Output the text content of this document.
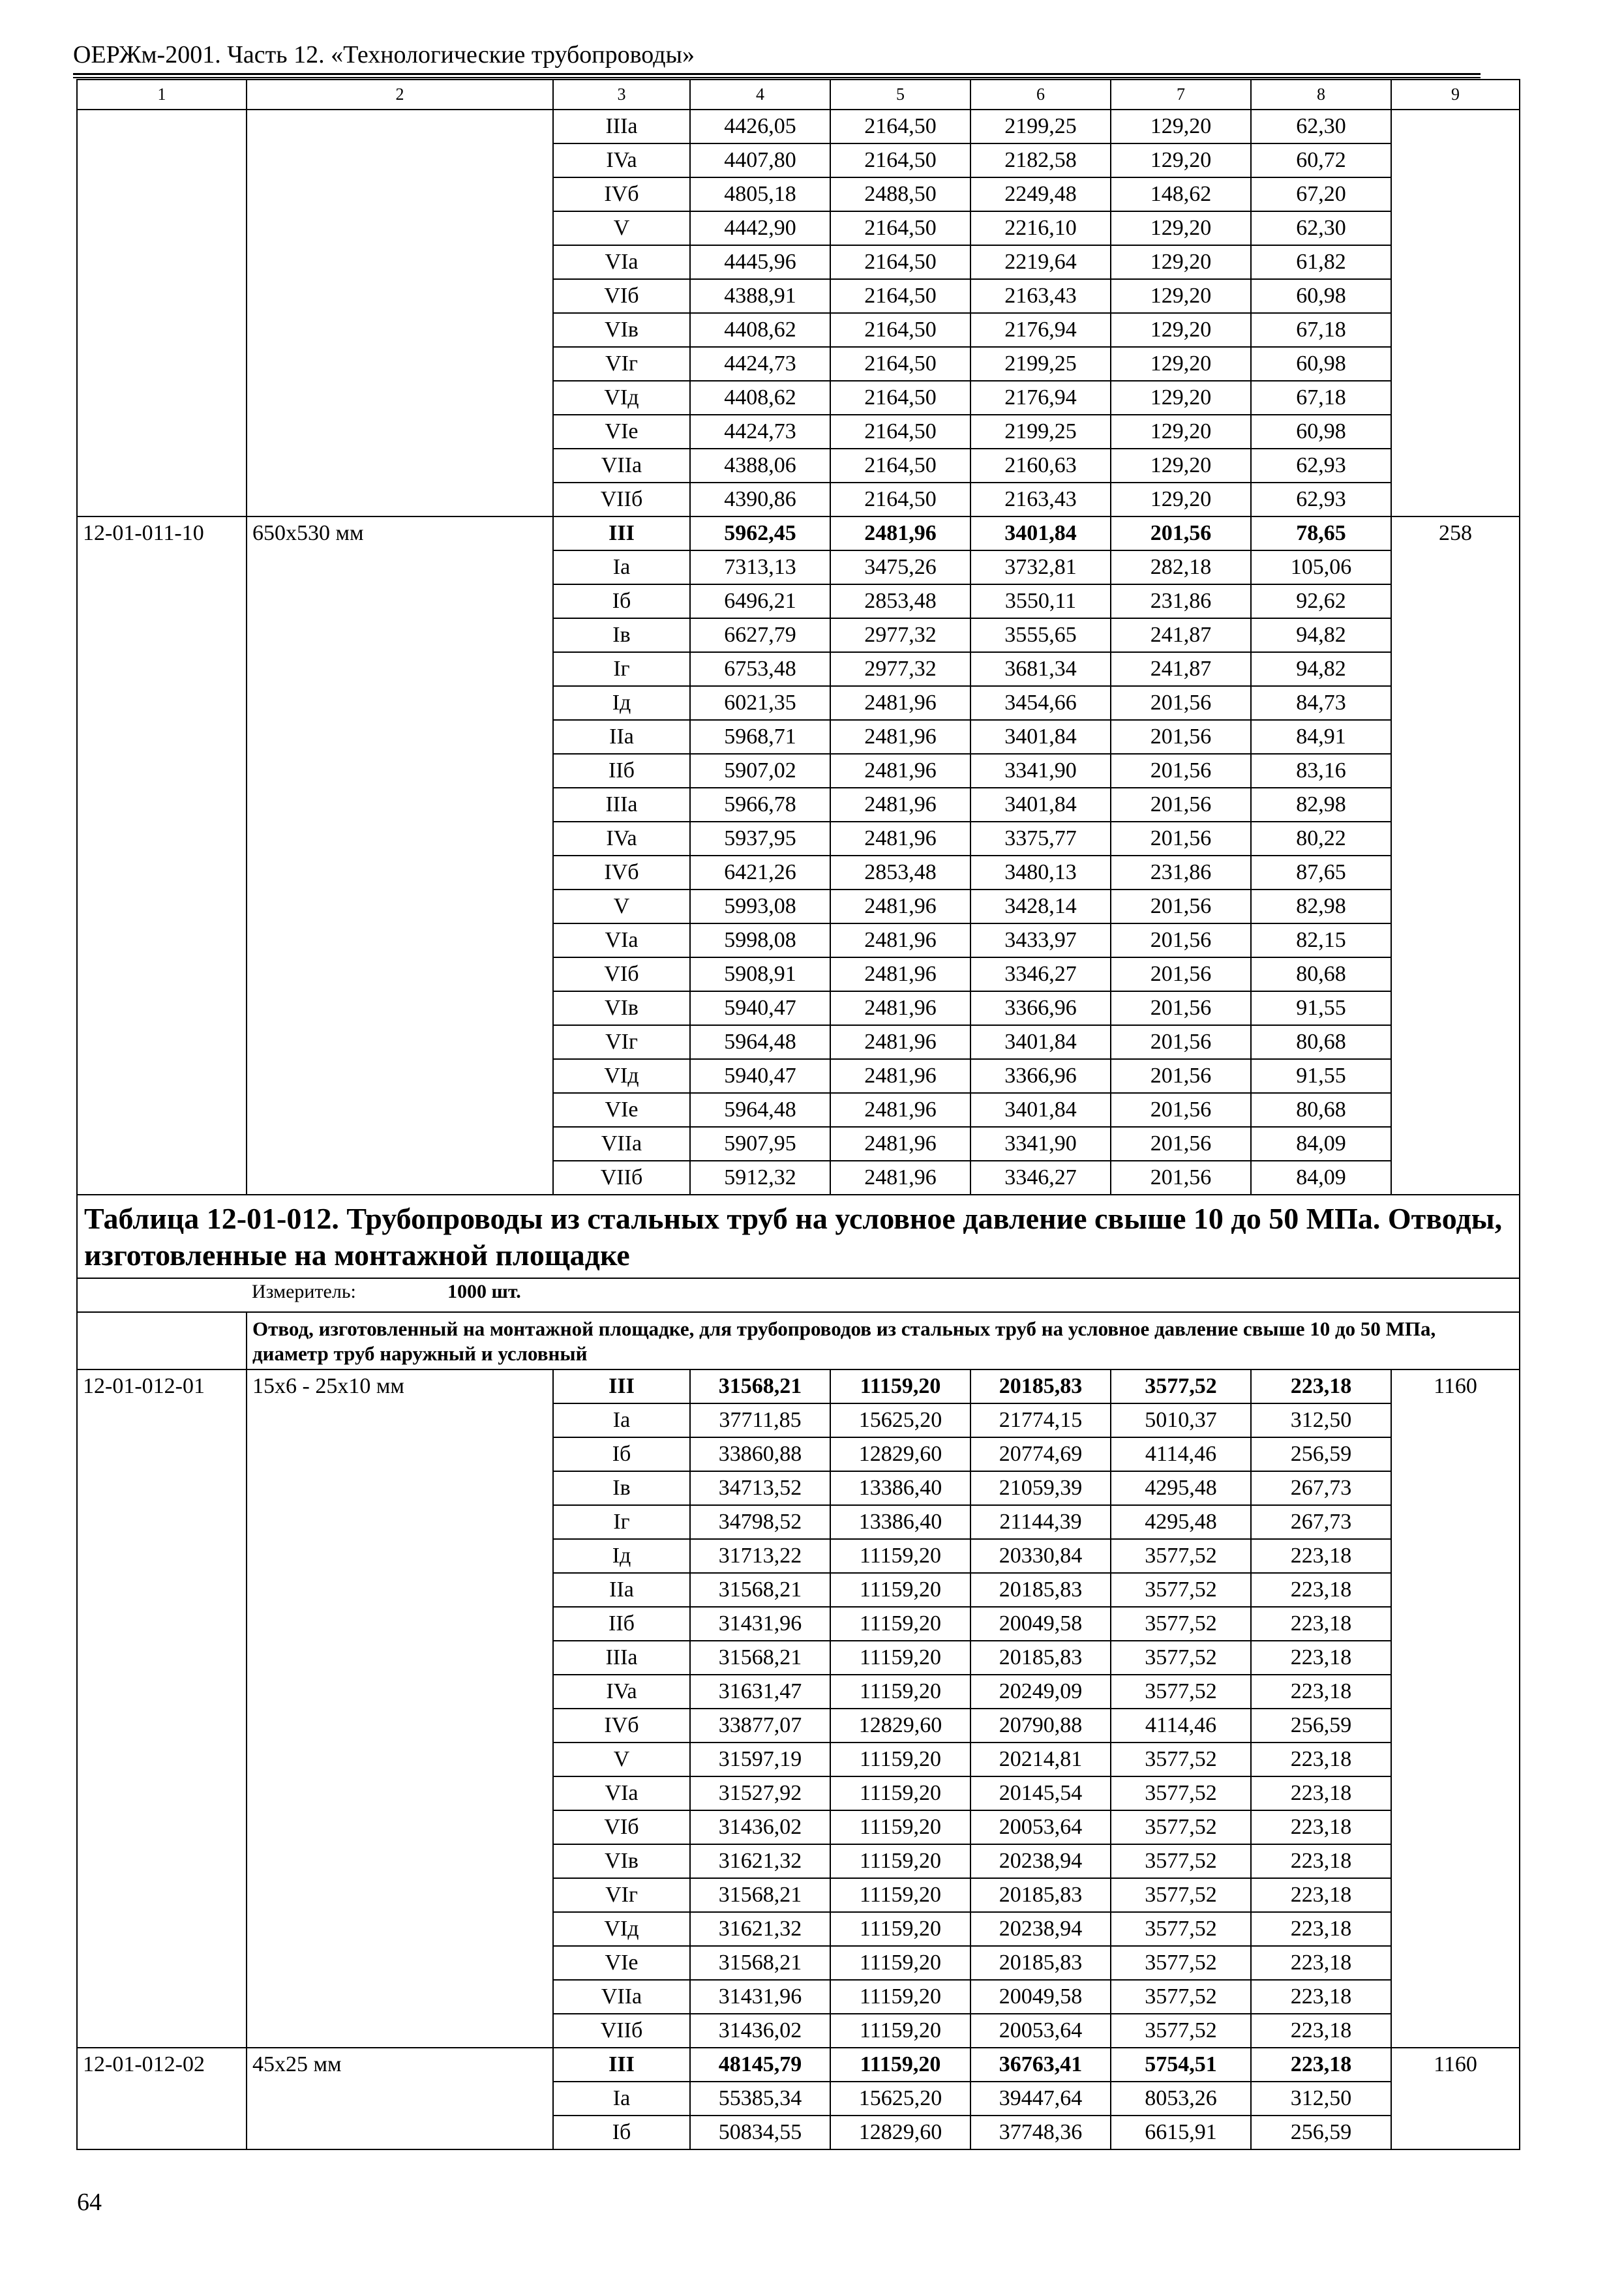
ОЕРЖм-2001. Часть 12. «Технологические трубопроводы»
1	2	3	4	5	6	7	8	9
		IIIa	4426,05	2164,50	2199,25	129,20	62,30	
		IVa	4407,80	2164,50	2182,58	129,20	60,72	
		IVб	4805,18	2488,50	2249,48	148,62	67,20	
		V	4442,90	2164,50	2216,10	129,20	62,30	
		VIa	4445,96	2164,50	2219,64	129,20	61,82	
		VIб	4388,91	2164,50	2163,43	129,20	60,98	
		VIв	4408,62	2164,50	2176,94	129,20	67,18	
		VIг	4424,73	2164,50	2199,25	129,20	60,98	
		VIд	4408,62	2164,50	2176,94	129,20	67,18	
		VIe	4424,73	2164,50	2199,25	129,20	60,98	
		VIIa	4388,06	2164,50	2160,63	129,20	62,93	
		VIIб	4390,86	2164,50	2163,43	129,20	62,93	
12-01-011-10	650х530 мм	III	5962,45	2481,96	3401,84	201,56	78,65	258
		Ia	7313,13	3475,26	3732,81	282,18	105,06	
		Iб	6496,21	2853,48	3550,11	231,86	92,62	
		Iв	6627,79	2977,32	3555,65	241,87	94,82	
		Iг	6753,48	2977,32	3681,34	241,87	94,82	
		Iд	6021,35	2481,96	3454,66	201,56	84,73	
		IIa	5968,71	2481,96	3401,84	201,56	84,91	
		IIб	5907,02	2481,96	3341,90	201,56	83,16	
		IIIa	5966,78	2481,96	3401,84	201,56	82,98	
		IVa	5937,95	2481,96	3375,77	201,56	80,22	
		IVб	6421,26	2853,48	3480,13	231,86	87,65	
		V	5993,08	2481,96	3428,14	201,56	82,98	
		VIa	5998,08	2481,96	3433,97	201,56	82,15	
		VIб	5908,91	2481,96	3346,27	201,56	80,68	
		VIв	5940,47	2481,96	3366,96	201,56	91,55	
		VIг	5964,48	2481,96	3401,84	201,56	80,68	
		VIд	5940,47	2481,96	3366,96	201,56	91,55	
		VIe	5964,48	2481,96	3401,84	201,56	80,68	
		VIIa	5907,95	2481,96	3341,90	201,56	84,09	
		VIIб	5912,32	2481,96	3346,27	201,56	84,09	
Таблица 12-01-012. Трубопроводы из стальных труб на условное давление свыше 10 до 50 МПа. Отводы, изготовленные на монтажной площадке								
	Измеритель: 1000 шт.							
	Отвод, изготовленный на монтажной площадке, для трубопроводов из стальных труб на условное давление свыше 10 до 50 МПа, диаметр труб наружный и условный							
12-01-012-01	15х6 - 25х10 мм	III	31568,21	11159,20	20185,83	3577,52	223,18	1160
		Ia	37711,85	15625,20	21774,15	5010,37	312,50	
		Iб	33860,88	12829,60	20774,69	4114,46	256,59	
		Iв	34713,52	13386,40	21059,39	4295,48	267,73	
		Iг	34798,52	13386,40	21144,39	4295,48	267,73	
		Iд	31713,22	11159,20	20330,84	3577,52	223,18	
		IIa	31568,21	11159,20	20185,83	3577,52	223,18	
		IIб	31431,96	11159,20	20049,58	3577,52	223,18	
		IIIa	31568,21	11159,20	20185,83	3577,52	223,18	
		IVa	31631,47	11159,20	20249,09	3577,52	223,18	
		IVб	33877,07	12829,60	20790,88	4114,46	256,59	
		V	31597,19	11159,20	20214,81	3577,52	223,18	
		VIa	31527,92	11159,20	20145,54	3577,52	223,18	
		VIб	31436,02	11159,20	20053,64	3577,52	223,18	
		VIв	31621,32	11159,20	20238,94	3577,52	223,18	
		VIг	31568,21	11159,20	20185,83	3577,52	223,18	
		VIд	31621,32	11159,20	20238,94	3577,52	223,18	
		VIe	31568,21	11159,20	20185,83	3577,52	223,18	
		VIIa	31431,96	11159,20	20049,58	3577,52	223,18	
		VIIб	31436,02	11159,20	20053,64	3577,52	223,18	
12-01-012-02	45х25 мм	III	48145,79	11159,20	36763,41	5754,51	223,18	1160
		Ia	55385,34	15625,20	39447,64	8053,26	312,50	
		Iб	50834,55	12829,60	37748,36	6615,91	256,59	
64
